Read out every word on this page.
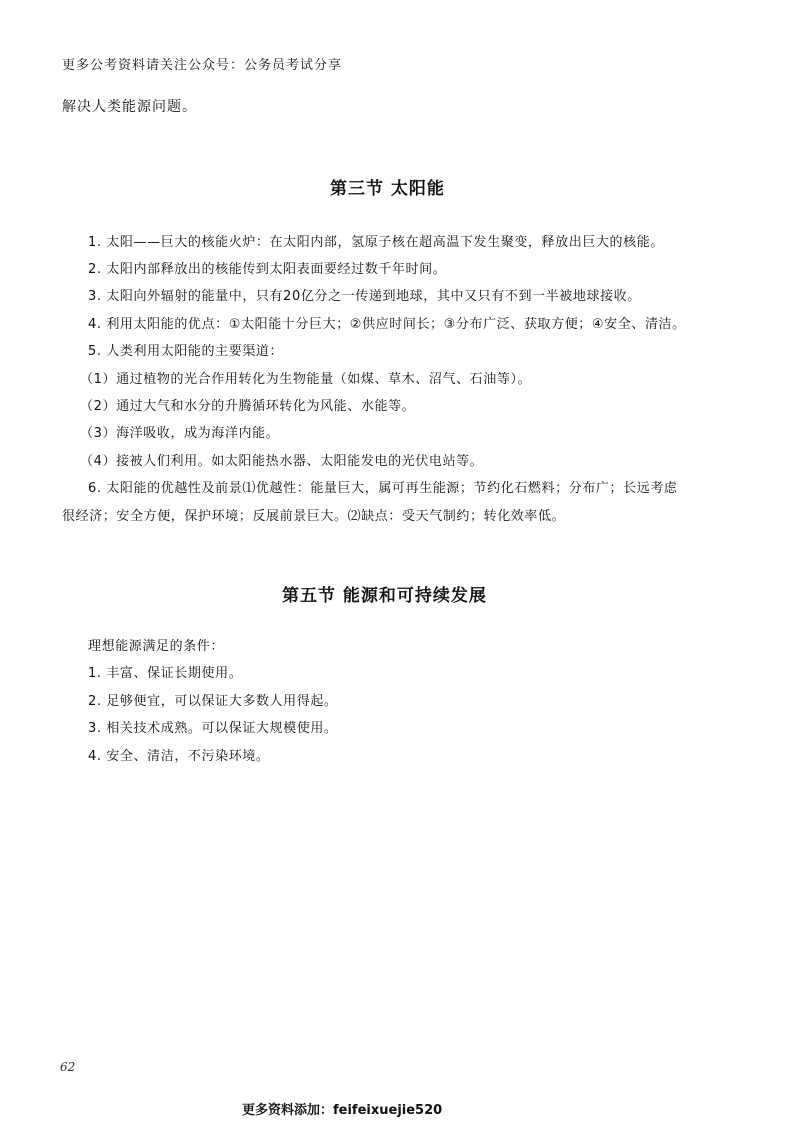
更多公考资料请关注公众号：公务员考试分享
解决人类能源问题。
第三节 太阳能
1. 太阳——巨大的核能火炉：在太阳内部，氢原子核在超高温下发生聚变，释放出巨大的核能。
2. 太阳内部释放出的核能传到太阳表面要经过数千年时间。
3. 太阳向外辐射的能量中，只有20亿分之一传递到地球，其中又只有不到一半被地球接收。
4. 利用太阳能的优点：①太阳能十分巨大；②供应时间长；③分布广泛、获取方便；④安全、清洁。
5. 人类利用太阳能的主要渠道：
（1）通过植物的光合作用转化为生物能量（如煤、草木、沼气、石油等）。
（2）通过大气和水分的升腾循环转化为风能、水能等。
（3）海洋吸收，成为海洋内能。
（4）接被人们利用。如太阳能热水器、太阳能发电的光伏电站等。
6. 太阳能的优越性及前景⑴优越性：能量巨大，属可再生能源；节约化石燃料；分布广；长远考虑
很经济；安全方便，保护环境；反展前景巨大。⑵缺点：受天气制约；转化效率低。
第五节 能源和可持续发展
理想能源满足的条件：
1. 丰富、保证长期使用。
2. 足够便宜，可以保证大多数人用得起。
3. 相关技术成熟。可以保证大规模使用。
4. 安全、清洁，不污染环境。
62
更多资料添加：feifeixuejie520
